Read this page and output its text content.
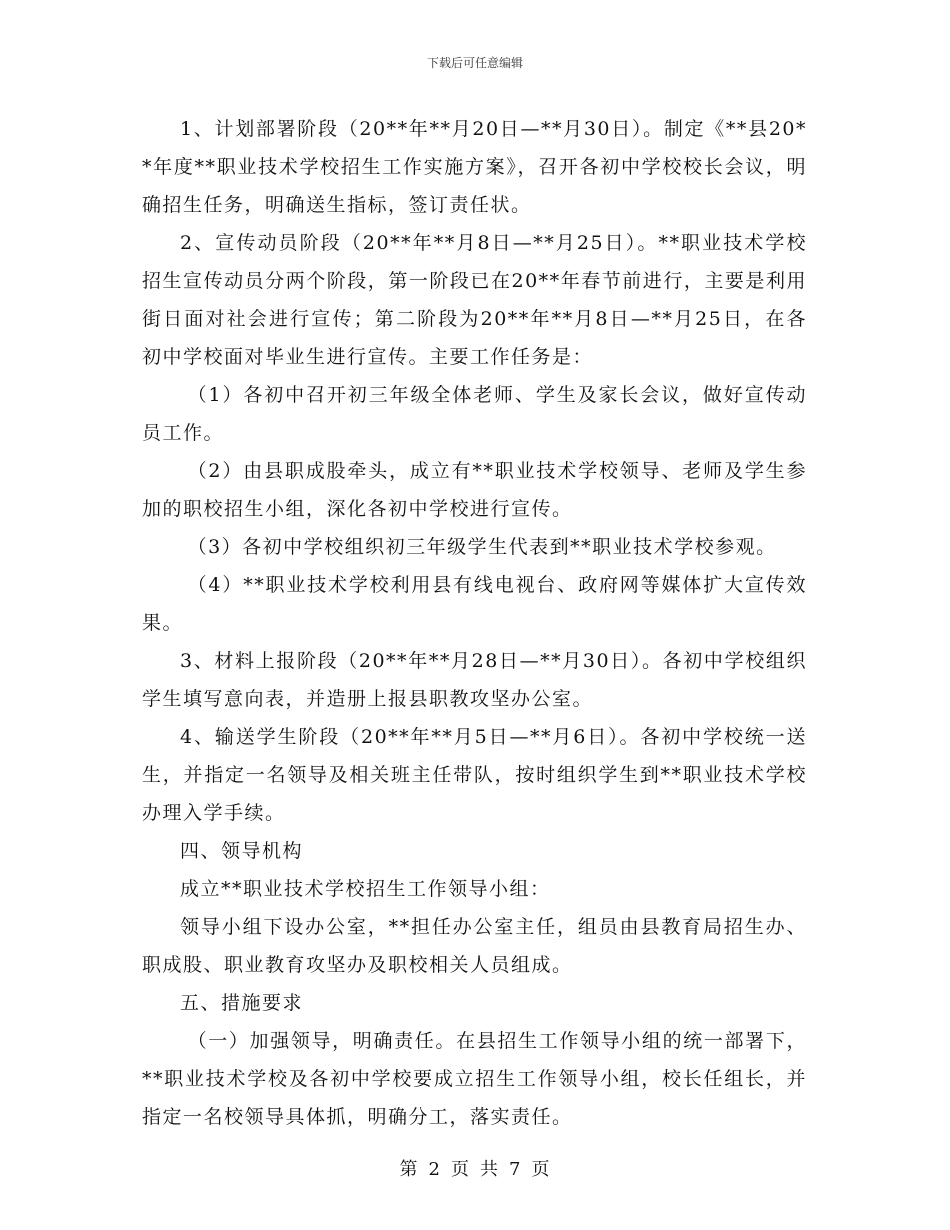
下载后可任意编辑

1、计划部署阶段（20**年**月20日—**月30日）。制定《**县20**年度**职业技术学校招生工作实施方案》，召开各初中学校校长会议，明确招生任务，明确送生指标，签订责任状。

2、宣传动员阶段（20**年**月8日—**月25日）。**职业技术学校招生宣传动员分两个阶段，第一阶段已在20**年春节前进行，主要是利用街日面对社会进行宣传；第二阶段为20**年**月8日—**月25日，在各初中学校面对毕业生进行宣传。主要工作任务是：

（1）各初中召开初三年级全体老师、学生及家长会议，做好宣传动员工作。

（2）由县职成股牵头，成立有**职业技术学校领导、老师及学生参加的职校招生小组，深化各初中学校进行宣传。

（3）各初中学校组织初三年级学生代表到**职业技术学校参观。

（4）**职业技术学校利用县有线电视台、政府网等媒体扩大宣传效果。

3、材料上报阶段（20**年**月28日—**月30日）。各初中学校组织学生填写意向表，并造册上报县职教攻坚办公室。

4、输送学生阶段（20**年**月5日—**月6日）。各初中学校统一送生，并指定一名领导及相关班主任带队，按时组织学生到**职业技术学校办理入学手续。

四、领导机构

成立**职业技术学校招生工作领导小组：

领导小组下设办公室，**担任办公室主任，组员由县教育局招生办、职成股、职业教育攻坚办及职校相关人员组成。

五、措施要求

（一）加强领导，明确责任。在县招生工作领导小组的统一部署下，**职业技术学校及各初中学校要成立招生工作领导小组，校长任组长，并指定一名校领导具体抓，明确分工，落实责任。

第 2 页 共 7 页
